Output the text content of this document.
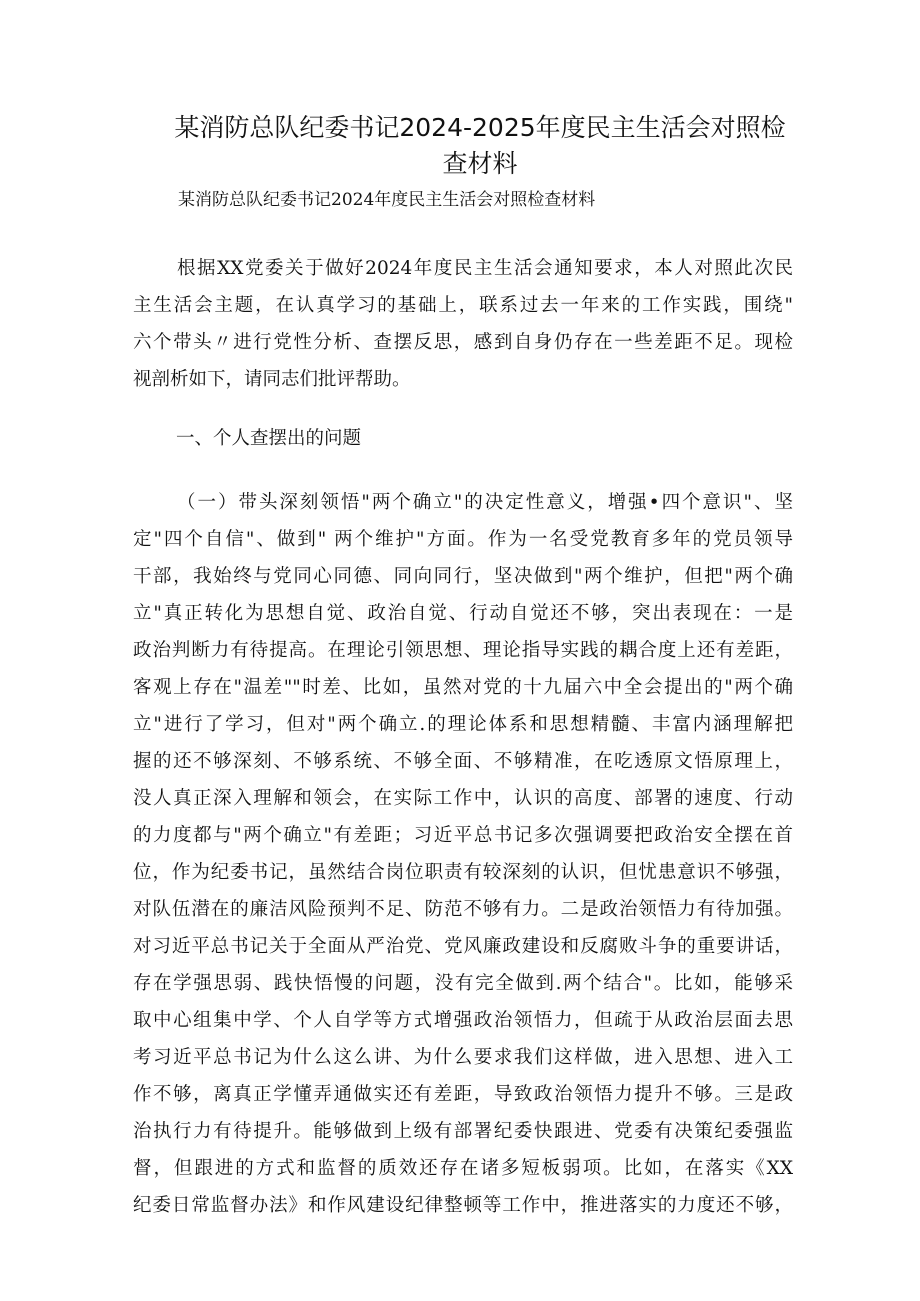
某消防总队纪委书记2024-2025年度民主生活会对照检
查材料
某消防总队纪委书记2024年度民主生活会对照检查材料
根据XX党委关于做好2024年度民主生活会通知要求，本人对照此次民
主生活会主题，在认真学习的基础上，联系过去一年来的工作实践，围绕"
六个带头〃进行党性分析、查摆反思，感到自身仍存在一些差距不足。现检
视剖析如下，请同志们批评帮助。
一、个人查摆出的问题
（一）带头深刻领悟"两个确立"的决定性意义，增强•四个意识"、坚
定"四个自信"、做到" 两个维护"方面。作为一名受党教育多年的党员领导
干部，我始终与党同心同德、同向同行，坚决做到"两个维护，但把"两个确
立"真正转化为思想自觉、政治自觉、行动自觉还不够，突出表现在：一是
政治判断力有待提高。在理论引领思想、理论指导实践的耦合度上还有差距，
客观上存在"温差""时差、比如，虽然对党的十九届六中全会提出的"两个确
立"进行了学习，但对"两个确立.的理论体系和思想精髓、丰富内涵理解把
握的还不够深刻、不够系统、不够全面、不够精准，在吃透原文悟原理上，
没人真正深入理解和领会，在实际工作中，认识的高度、部署的速度、行动
的力度都与"两个确立"有差距；习近平总书记多次强调要把政治安全摆在首
位，作为纪委书记，虽然结合岗位职责有较深刻的认识，但忧患意识不够强，
对队伍潜在的廉洁风险预判不足、防范不够有力。二是政治领悟力有待加强。
对习近平总书记关于全面从严治党、党风廉政建设和反腐败斗争的重要讲话，
存在学强思弱、践快悟慢的问题，没有完全做到.两个结合"。比如，能够采
取中心组集中学、个人自学等方式增强政治领悟力，但疏于从政治层面去思
考习近平总书记为什么这么讲、为什么要求我们这样做，进入思想、进入工
作不够，离真正学懂弄通做实还有差距，导致政治领悟力提升不够。三是政
治执行力有待提升。能够做到上级有部署纪委快跟进、党委有决策纪委强监
督，但跟进的方式和监督的质效还存在诸多短板弱项。比如，在落实《XX
纪委日常监督办法》和作风建设纪律整顿等工作中，推进落实的力度还不够，
